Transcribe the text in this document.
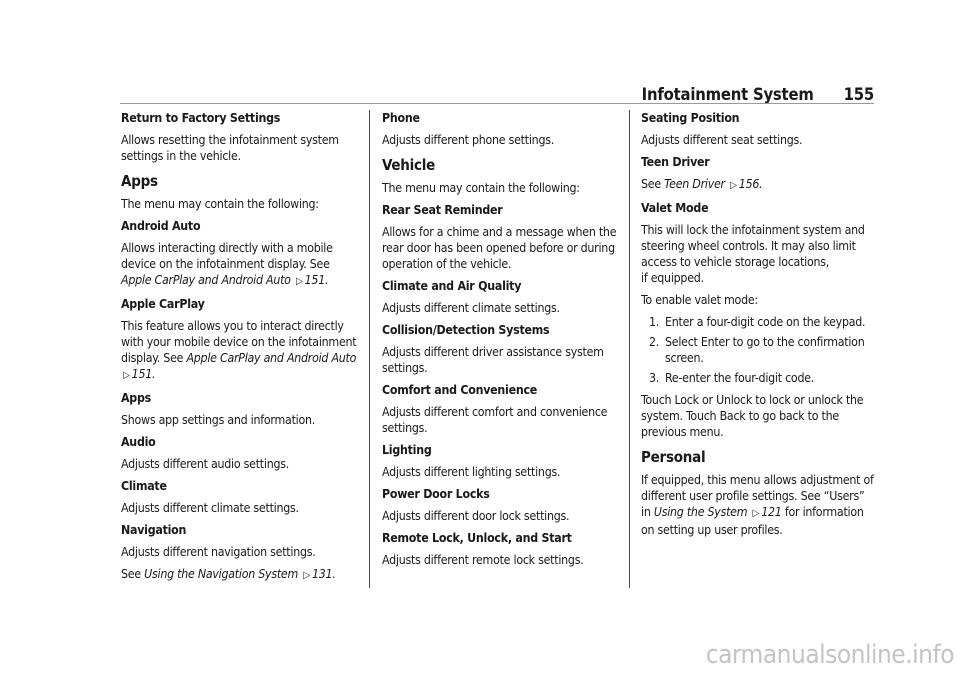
Infotainment System 155
Return to Factory Settings
Allows resetting the infotainment system settings in the vehicle.
Apps
The menu may contain the following:
Android Auto
Allows interacting directly with a mobile device on the infotainment display. See Apple CarPlay and Android Auto ▷ 151.
Apple CarPlay
This feature allows you to interact directly with your mobile device on the infotainment display. See Apple CarPlay and Android Auto
▷ 151.
Apps
Shows app settings and information.
Audio
Adjusts different audio settings.
Climate
Adjusts different climate settings.
Navigation
Adjusts different navigation settings.
See Using the Navigation System ▷ 131.
Phone
Adjusts different phone settings.
Vehicle
The menu may contain the following:
Rear Seat Reminder
Allows for a chime and a message when the rear door has been opened before or during operation of the vehicle.
Climate and Air Quality
Adjusts different climate settings.
Collision/Detection Systems
Adjusts different driver assistance system settings.
Comfort and Convenience
Adjusts different comfort and convenience settings.
Lighting
Adjusts different lighting settings.
Power Door Locks
Adjusts different door lock settings.
Remote Lock, Unlock, and Start
Adjusts different remote lock settings.
Seating Position
Adjusts different seat settings.
Teen Driver
See Teen Driver ▷ 156.
Valet Mode
This will lock the infotainment system and steering wheel controls. It may also limit access to vehicle storage locations,
if equipped.
To enable valet mode:
1. Enter a four-digit code on the keypad.
2. Select Enter to go to the confirmation screen.
3. Re-enter the four-digit code.
Touch Lock or Unlock to lock or unlock the system. Touch Back to go back to the previous menu.
Personal
If equipped, this menu allows adjustment of different user profile settings. See “Users” in Using the System ▷ 121 for information on setting up user profiles.
carmanualsonline.info
